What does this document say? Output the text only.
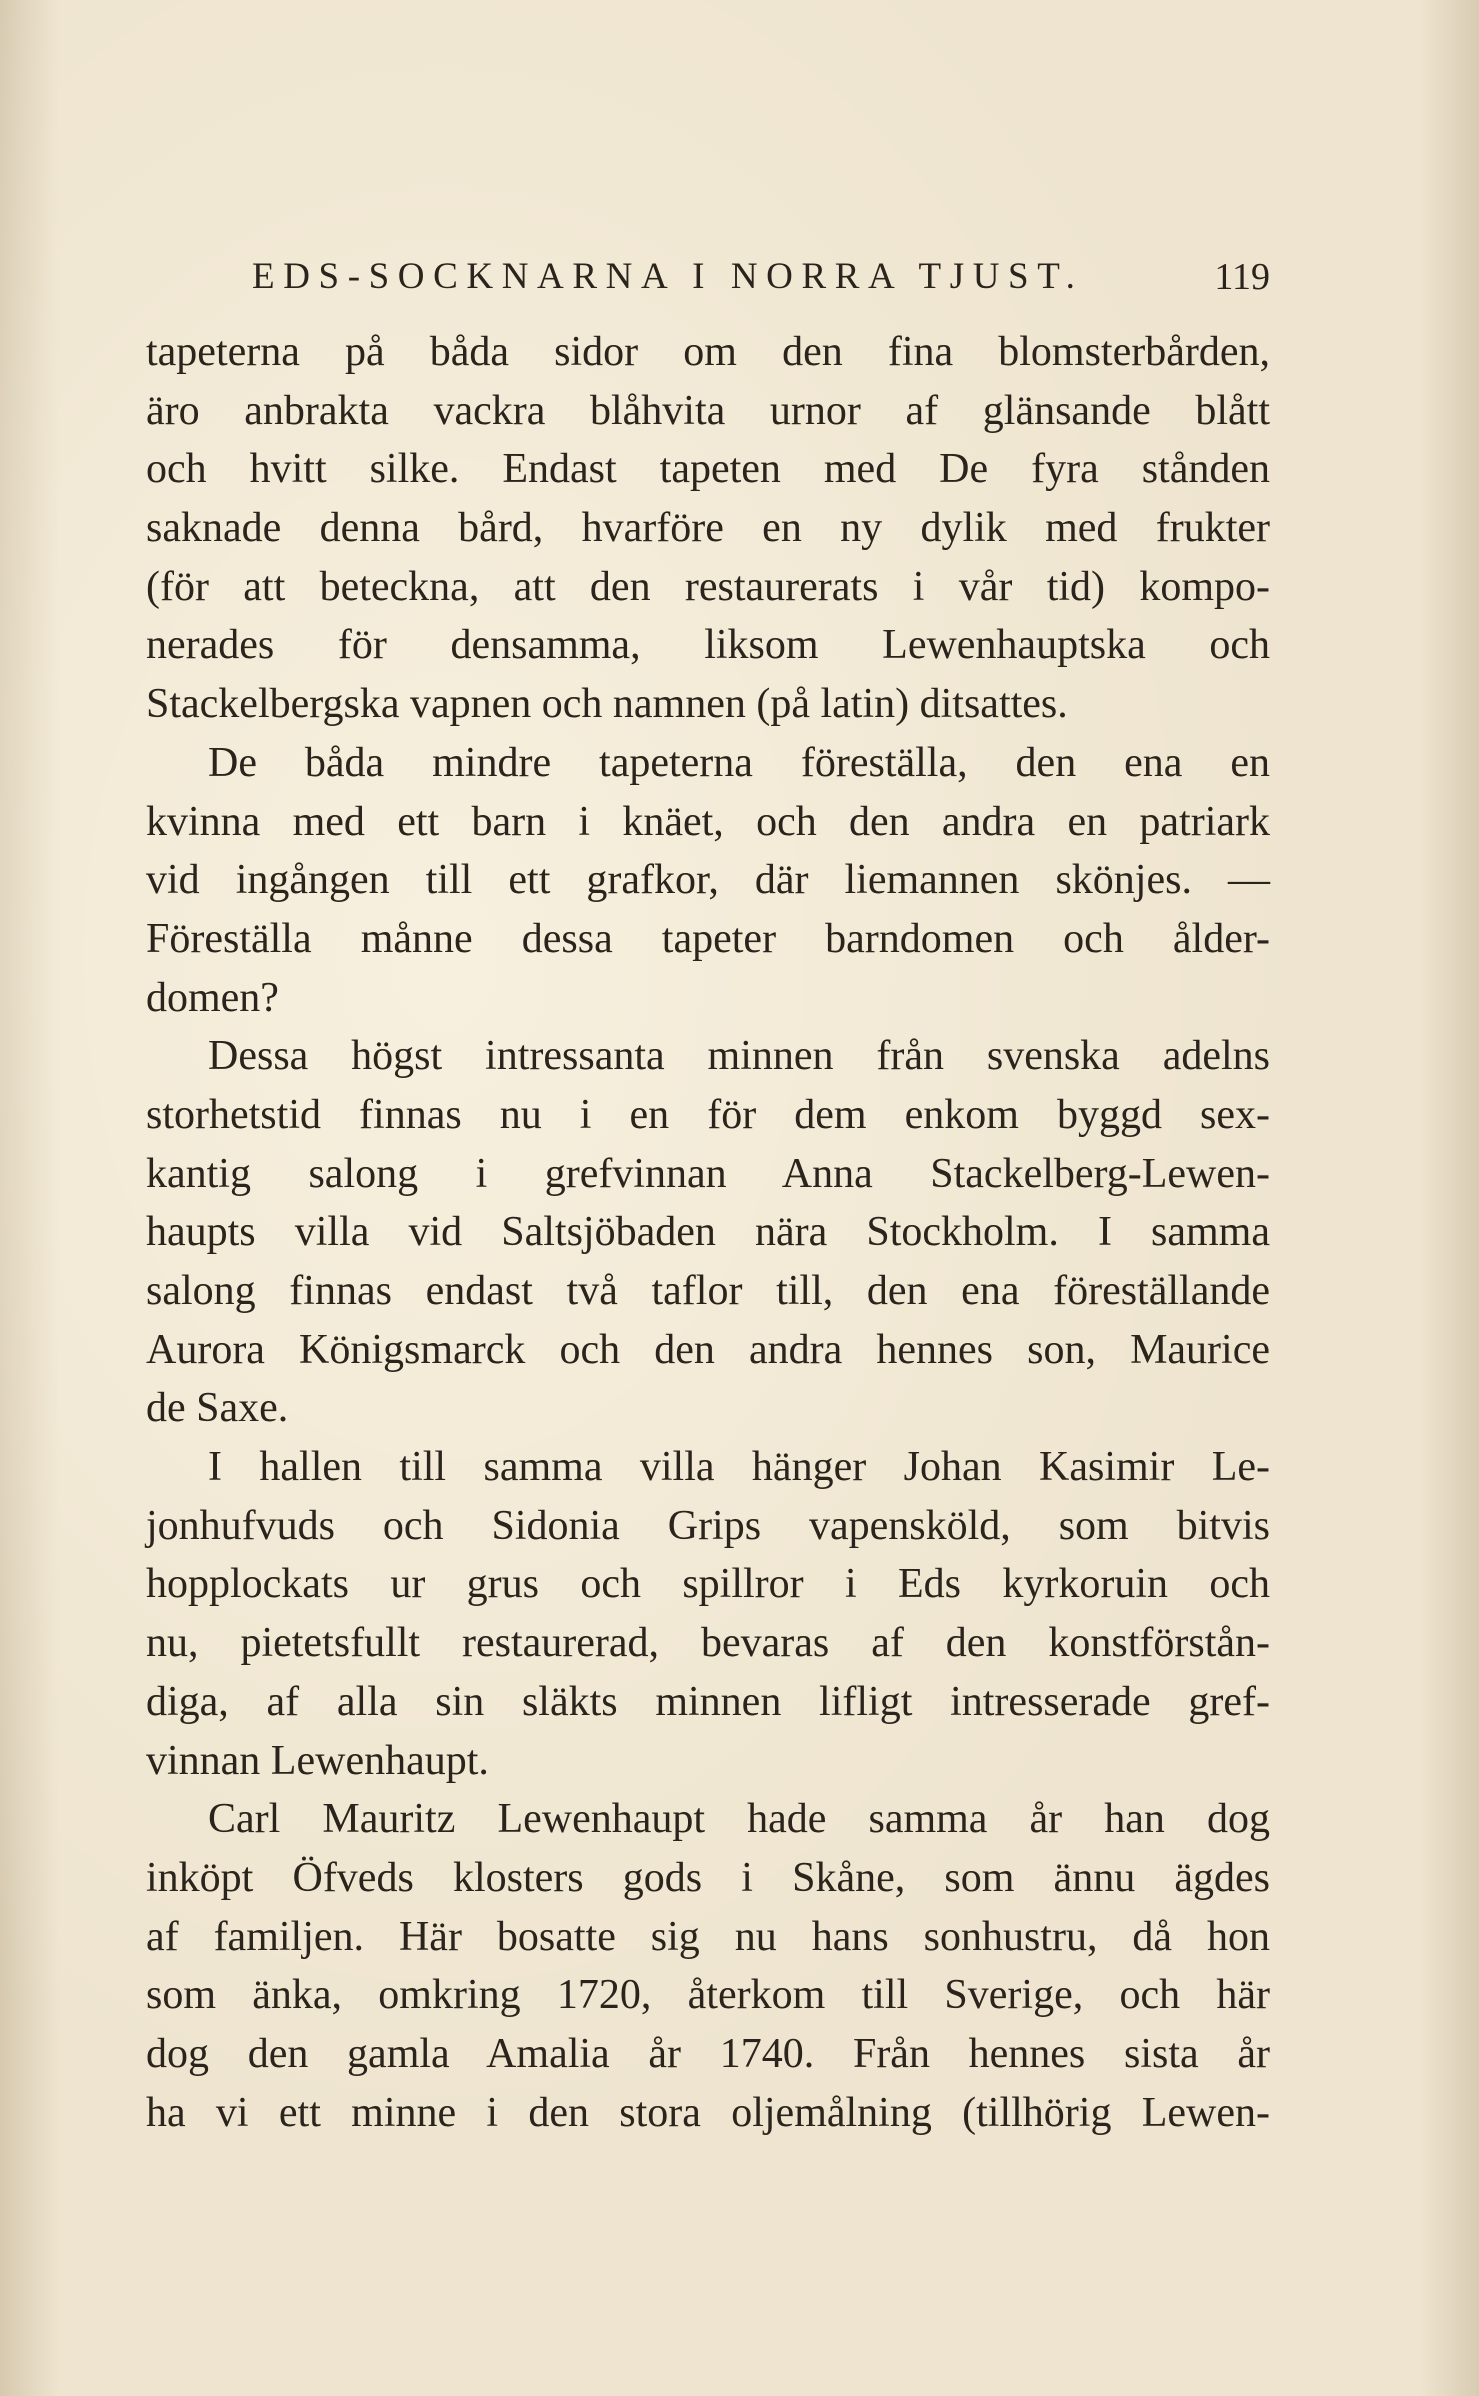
EDS-SOCKNARNA I NORRA TJUST.	119
tapeterna på båda sidor om den fina blomsterbården,
äro anbrakta vackra blåhvita urnor af glänsande blått
och hvitt silke. Endast tapeten med De fyra stånden
saknade denna bård, hvarföre en ny dylik med frukter
(för att beteckna, att den restaurerats i vår tid) kompo-
nerades för densamma, liksom Lewenhauptska och
Stackelbergska vapnen och namnen (på latin) ditsattes.
De båda mindre tapeterna föreställa, den ena en
kvinna med ett barn i knäet, och den andra en patriark
vid ingången till ett grafkor, där liemannen skönjes. —
Föreställa månne dessa tapeter barndomen och ålder-
domen?
Dessa högst intressanta minnen från svenska adelns
storhetstid finnas nu i en för dem enkom byggd sex-
kantig salong i grefvinnan Anna Stackelberg-Lewen-
haupts villa vid Saltsjöbaden nära Stockholm. I samma
salong finnas endast två taflor till, den ena föreställande
Aurora Königsmarck och den andra hennes son, Maurice
de Saxe.
I hallen till samma villa hänger Johan Kasimir Le-
jonhufvuds och Sidonia Grips vapensköld, som bitvis
hopplockats ur grus och spillror i Eds kyrkoruin och
nu, pietetsfullt restaurerad, bevaras af den konstförstån-
diga, af alla sin släkts minnen lifligt intresserade gref-
vinnan Lewenhaupt.
Carl Mauritz Lewenhaupt hade samma år han dog
inköpt Öfveds klosters gods i Skåne, som ännu ägdes
af familjen. Här bosatte sig nu hans sonhustru, då hon
som änka, omkring 1720, återkom till Sverige, och här
dog den gamla Amalia år 1740. Från hennes sista år
ha vi ett minne i den stora oljemålning (tillhörig Lewen-
